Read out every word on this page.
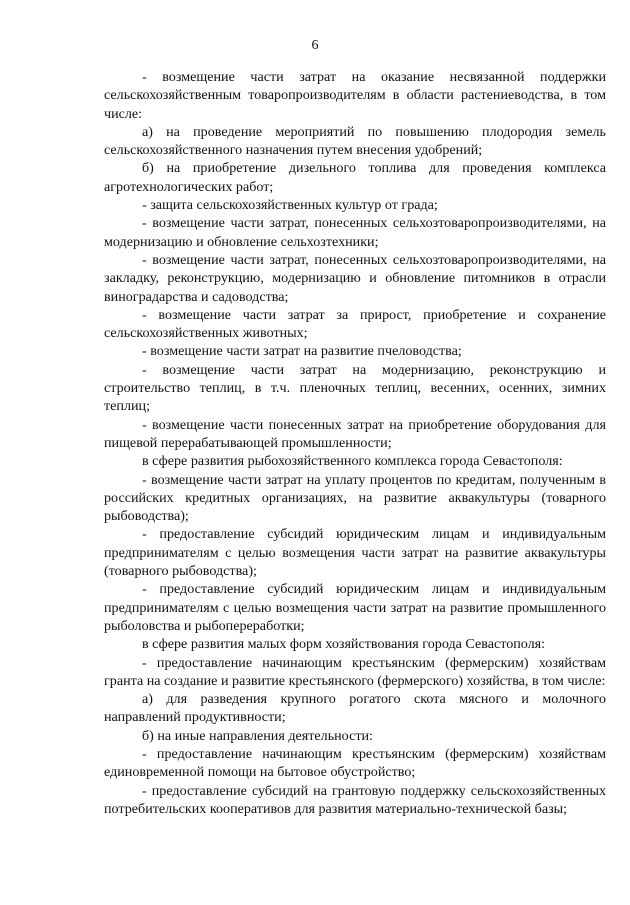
6

- возмещение части затрат на оказание несвязанной поддержки сельскохозяйственным товаропроизводителям в области растениеводства, в том числе:

а) на проведение мероприятий по повышению плодородия земель сельскохозяйственного назначения путем внесения удобрений;

б) на приобретение дизельного топлива для проведения комплекса агротехнологических работ;

- защита сельскохозяйственных культур от града;

- возмещение части затрат, понесенных сельхозтоваропроизводителями, на модернизацию и обновление сельхозтехники;

- возмещение части затрат, понесенных сельхозтоваропроизводителями, на закладку, реконструкцию, модернизацию и обновление питомников в отрасли виноградарства и садоводства;

- возмещение части затрат за прирост, приобретение и сохранение сельскохозяйственных животных;

- возмещение части затрат на развитие пчеловодства;

- возмещение части затрат на модернизацию, реконструкцию и строительство теплиц, в т.ч. пленочных теплиц, весенних, осенних, зимних теплиц;

- возмещение части понесенных затрат на приобретение оборудования для пищевой перерабатывающей промышленности;

в сфере развития рыбохозяйственного комплекса города Севастополя:

- возмещение части затрат на уплату процентов по кредитам, полученным в российских кредитных организациях, на развитие аквакультуры (товарного рыбоводства);

- предоставление субсидий юридическим лицам и индивидуальным предпринимателям с целью возмещения части затрат на развитие аквакультуры (товарного рыбоводства);

- предоставление субсидий юридическим лицам и индивидуальным предпринимателям с целью возмещения части затрат на развитие промышленного рыболовства и рыбопереработки;

в сфере развития малых форм хозяйствования города Севастополя:

- предоставление начинающим крестьянским (фермерским) хозяйствам гранта на создание и развитие крестьянского (фермерского) хозяйства, в том числе:

а) для разведения крупного рогатого скота мясного и молочного направлений продуктивности;

б) на иные направления деятельности:

- предоставление начинающим крестьянским (фермерским) хозяйствам единовременной помощи на бытовое обустройство;

- предоставление субсидий на грантовую поддержку сельскохозяйственных потребительских кооперативов для развития материально-технической базы;
